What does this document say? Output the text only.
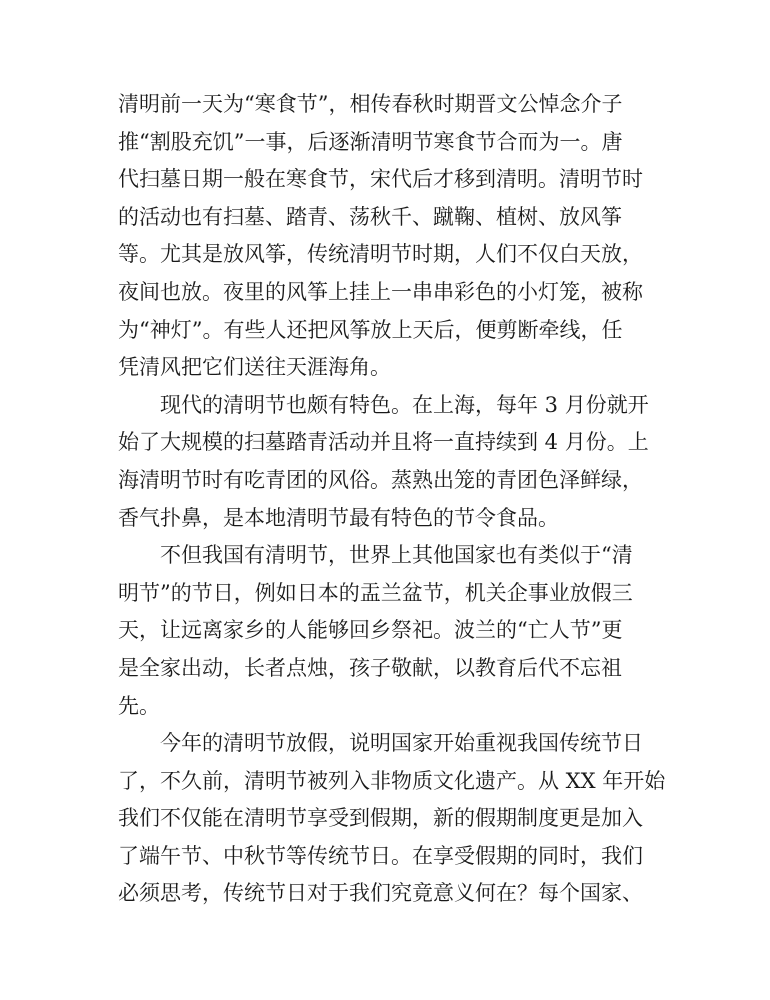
清明前一天为“寒食节”，相传春秋时期晋文公悼念介子
推“割股充饥”一事，后逐渐清明节寒食节合而为一。唐
代扫墓日期一般在寒食节，宋代后才移到清明。清明节时
的活动也有扫墓、踏青、荡秋千、蹴鞠、植树、放风筝
等。尤其是放风筝，传统清明节时期，人们不仅白天放，
夜间也放。夜里的风筝上挂上一串串彩色的小灯笼，被称
为“神灯”。有些人还把风筝放上天后，便剪断牵线，任
凭清风把它们送往天涯海角。
现代的清明节也颇有特色。在上海，每年 3 月份就开
始了大规模的扫墓踏青活动并且将一直持续到 4 月份。上
海清明节时有吃青团的风俗。蒸熟出笼的青团色泽鲜绿，
香气扑鼻，是本地清明节最有特色的节令食品。
不但我国有清明节，世界上其他国家也有类似于“清
明节”的节日，例如日本的盂兰盆节，机关企事业放假三
天，让远离家乡的人能够回乡祭祀。波兰的“亡人节”更
是全家出动，长者点烛，孩子敬献，以教育后代不忘祖
先。
今年的清明节放假，说明国家开始重视我国传统节日
了，不久前，清明节被列入非物质文化遗产。从 XX 年开始
我们不仅能在清明节享受到假期，新的假期制度更是加入
了端午节、中秋节等传统节日。在享受假期的同时，我们
必须思考，传统节日对于我们究竟意义何在？每个国家、
